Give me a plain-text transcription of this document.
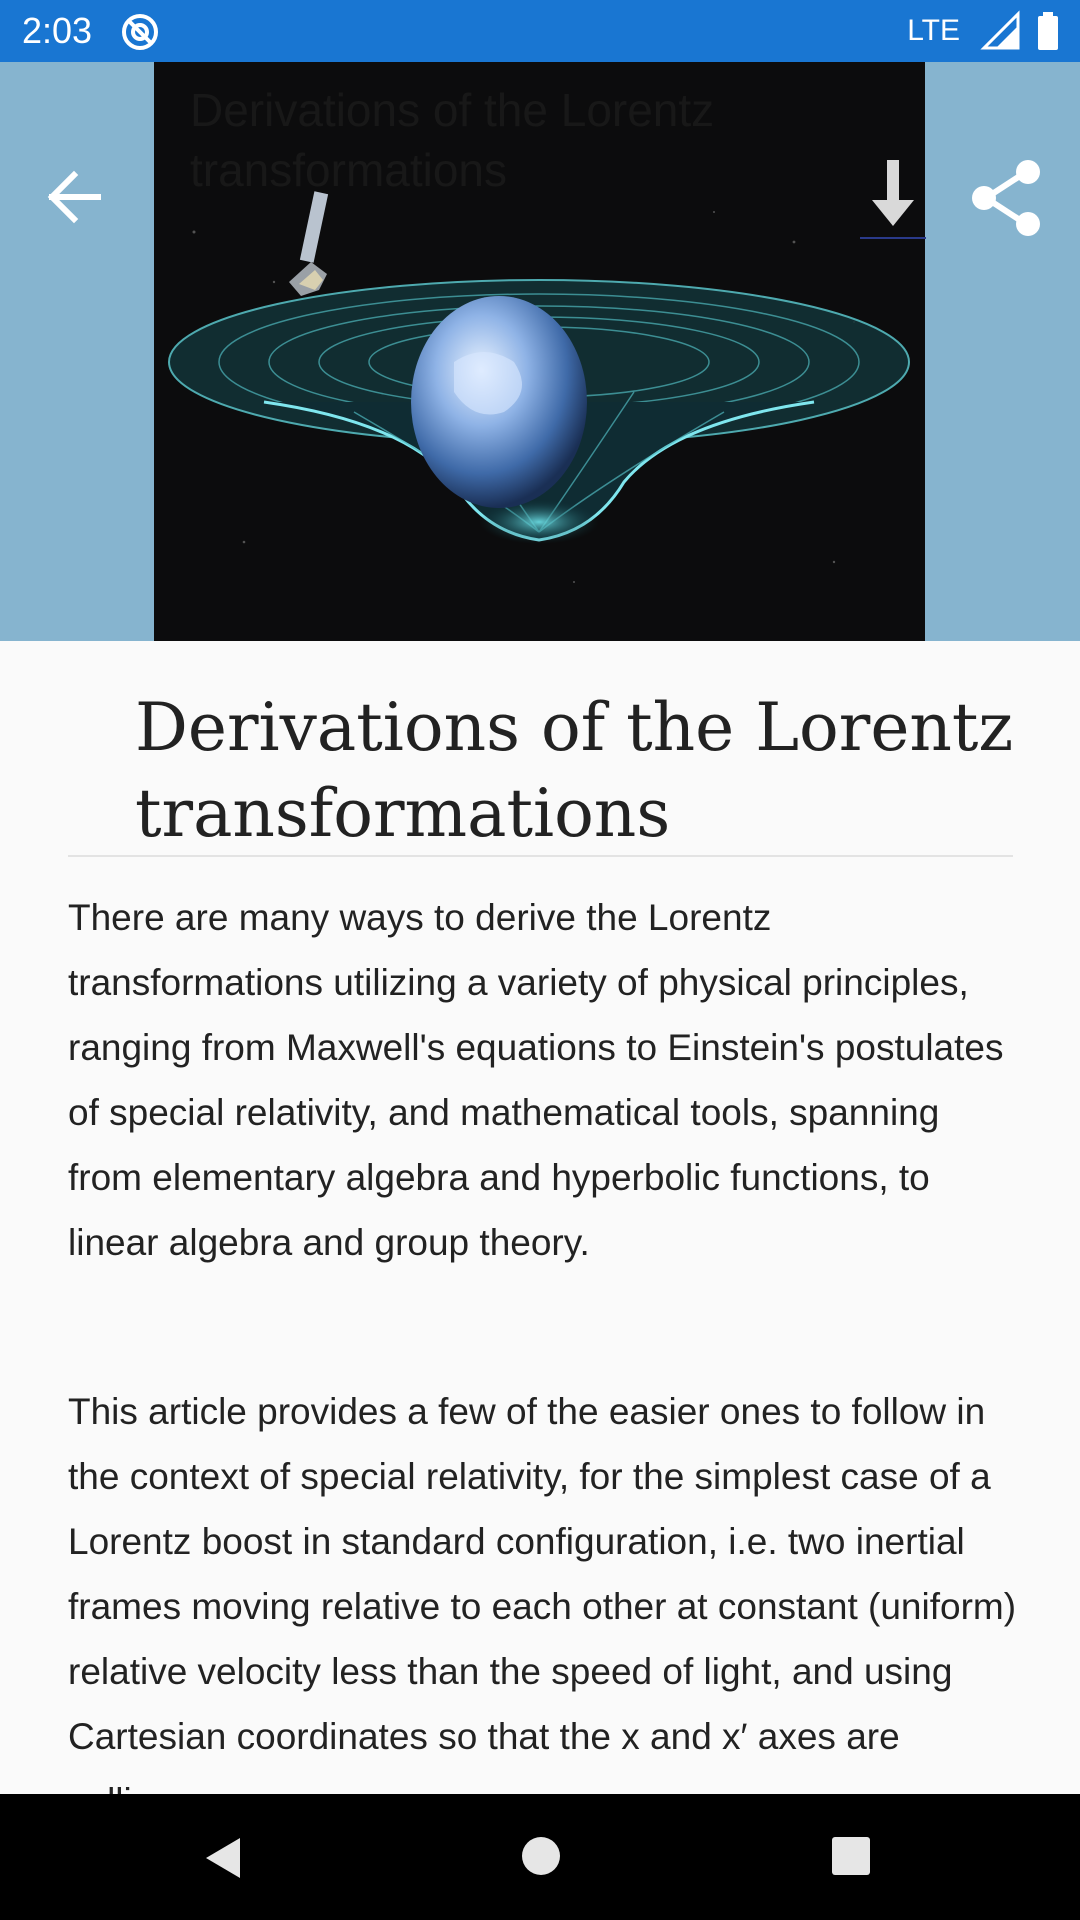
2:03	LTE
Derivations of the Lorentz transformations
Derivations of the Lorentz transformations

There are many ways to derive the Lorentz transformations utilizing a variety of physical principles, ranging from Maxwell's equations to Einstein's postulates of special relativity, and mathematical tools, spanning from elementary algebra and hyperbolic functions, to linear algebra and group theory.

This article provides a few of the easier ones to follow in the context of special relativity, for the simplest case of a Lorentz boost in standard configuration, i.e. two inertial frames moving relative to each other at constant (uniform) relative velocity less than the speed of light, and using Cartesian coordinates so that the x and x′ axes are
